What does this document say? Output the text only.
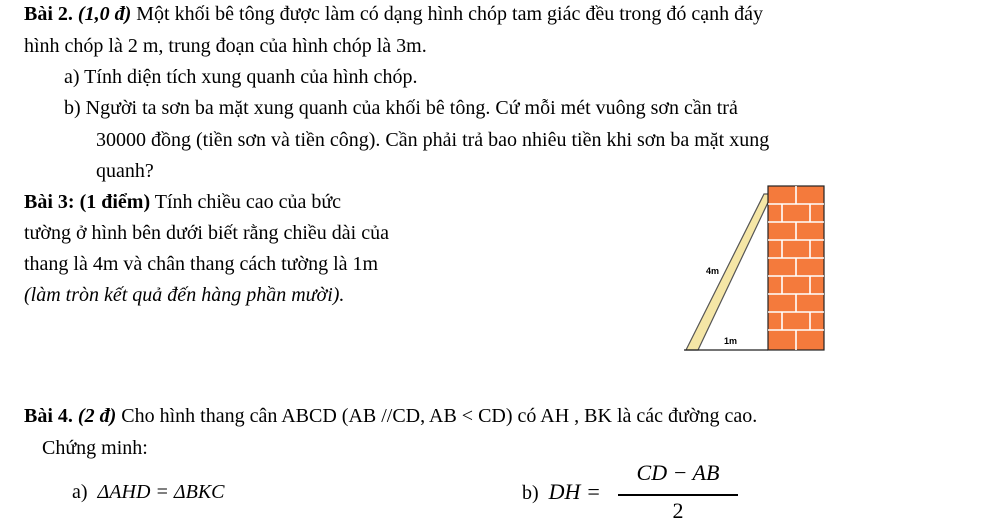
Bài 2. (1,0 đ) Một khối bê tông được làm có dạng hình chóp tam giác đều trong đó cạnh đáy
hình chóp là 2 m, trung đoạn của hình chóp là 3m.
a) Tính diện tích xung quanh của hình chóp.
b) Người ta sơn ba mặt xung quanh của khối bê tông. Cứ mỗi mét vuông sơn cần trả
30000 đồng (tiền sơn và tiền công). Cần phải trả bao nhiêu tiền khi sơn ba mặt xung
quanh?
Bài 3: (1 điểm) Tính chiều cao của bức
tường ở hình bên dưới biết rằng chiều dài của
thang là 4m và chân thang cách tường là 1m
(làm tròn kết quả đến hàng phần mười).
4m
1m
Bài 4. (2 đ) Cho hình thang cân ABCD (AB //CD, AB < CD) có AH , BK là các đường cao.
Chứng minh:
a) ΔAHD = ΔBKC	b) DH =
CD − AB
2
